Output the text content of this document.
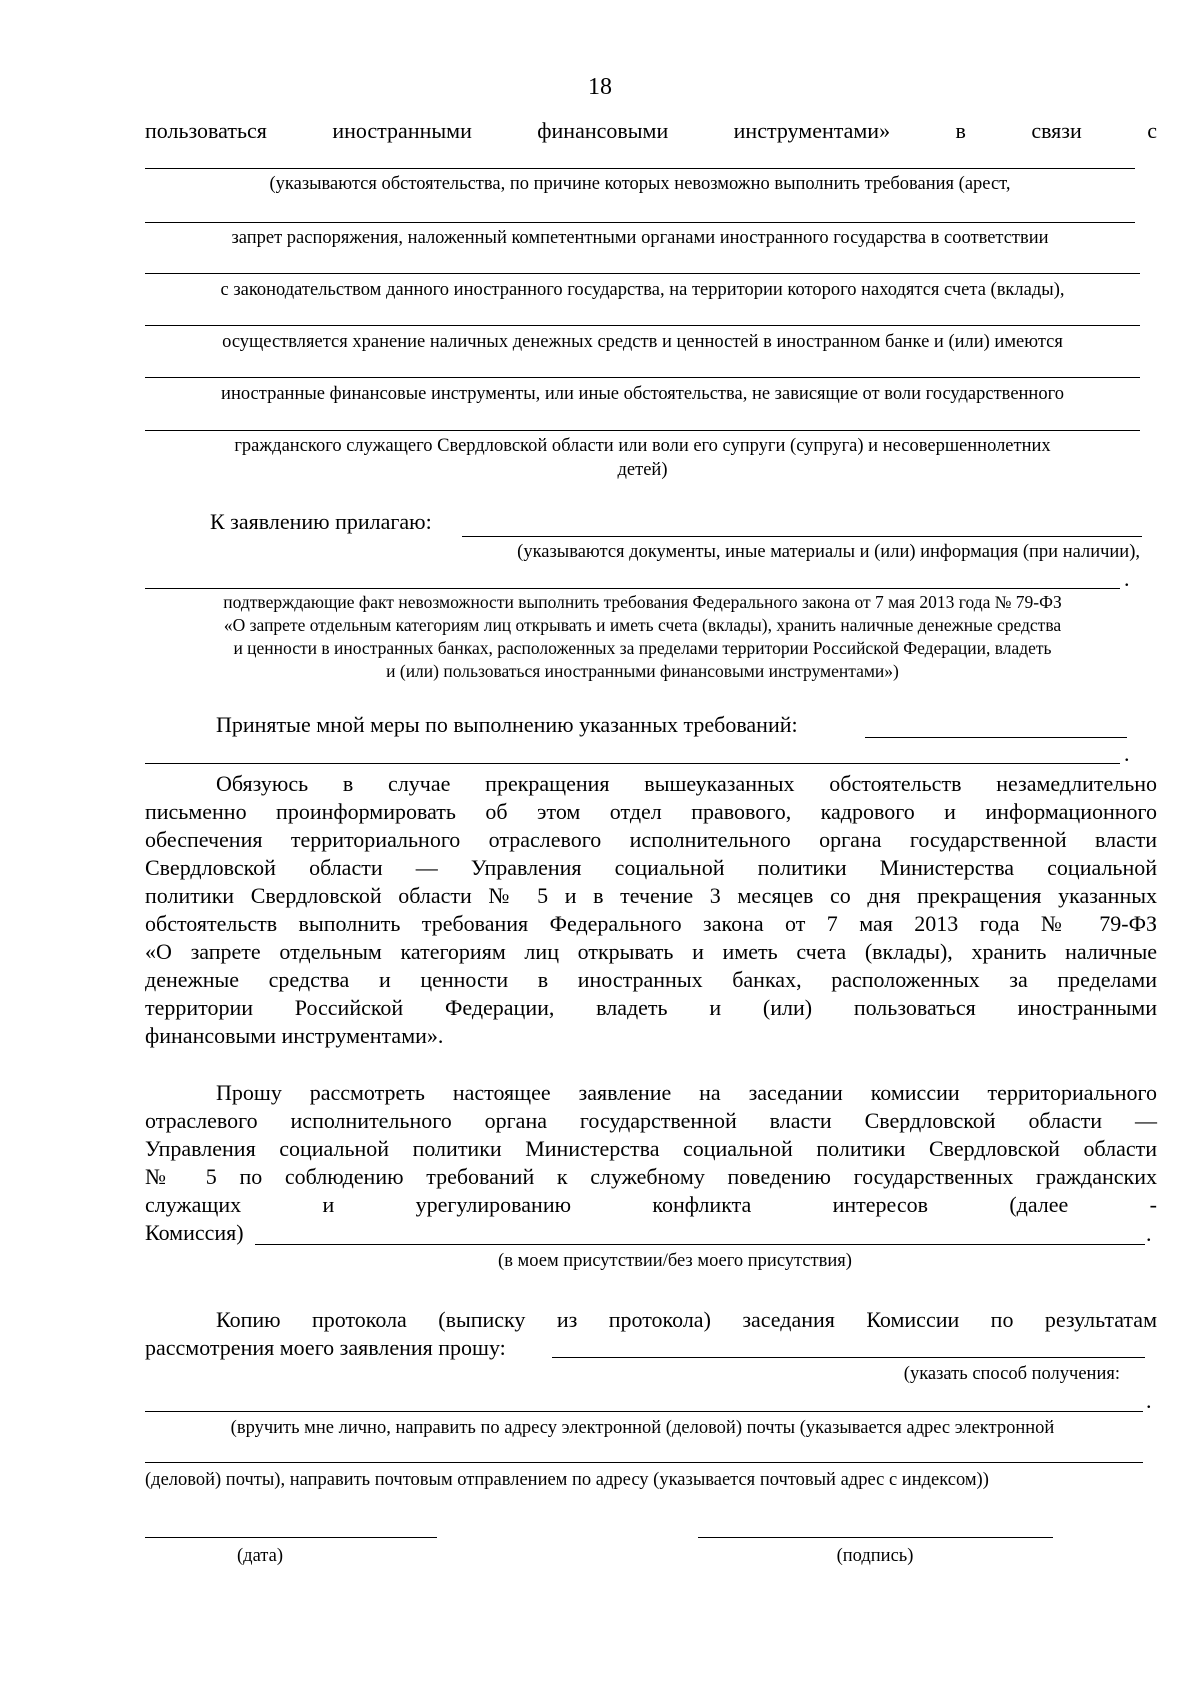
18
пользоваться	иностранными	финансовыми	инструментами»	в	связи	с
(указываются обстоятельства, по причине которых невозможно выполнить требования (арест,
запрет распоряжения, наложенный компетентными органами иностранного государства в соответствии
с законодательством данного иностранного государства, на территории которого находятся счета (вклады),
осуществляется хранение наличных денежных средств и ценностей в иностранном банке и (или) имеются
иностранные финансовые инструменты, или иные обстоятельства, не зависящие от воли государственного
гражданского служащего Свердловской области или воли его супруги (супруга) и несовершеннолетних
детей)
К заявлению прилагаю:
(указываются документы, иные материалы и (или) информация (при наличии),
.
подтверждающие факт невозможности выполнить требования Федерального закона от 7 мая 2013 года № 79-ФЗ
«О запрете отдельным категориям лиц открывать и иметь счета (вклады), хранить наличные денежные средства
и ценности в иностранных банках, расположенных за пределами территории Российской Федерации, владеть
и (или) пользоваться иностранными финансовыми инструментами»)
Принятые мной меры по выполнению указанных требований:
.
Обязуюсь в случае прекращения вышеуказанных обстоятельств незамедлительно
письменно проинформировать об этом отдел правового, кадрового и информационного
обеспечения территориального отраслевого исполнительного органа государственной власти
Свердловской области — Управления социальной политики Министерства социальной
политики Свердловской области № 5 и в течение 3 месяцев со дня прекращения указанных
обстоятельств выполнить требования Федерального закона от 7 мая 2013 года № 79-ФЗ
«О запрете отдельным категориям лиц открывать и иметь счета (вклады), хранить наличные
денежные средства и ценности в иностранных банках, расположенных за пределами
территории Российской Федерации, владеть и (или) пользоваться иностранными
финансовыми инструментами».
Прошу рассмотреть настоящее заявление на заседании комиссии территориального
отраслевого исполнительного органа государственной власти Свердловской области —
Управления социальной политики Министерства социальной политики Свердловской области
№ 5 по соблюдению требований к служебному поведению государственных гражданских
служащих и урегулированию конфликта интересов (далее -
Комиссия)	.
(в моем присутствии/без моего присутствия)
Копию протокола (выписку из протокола) заседания Комиссии по результатам
рассмотрения моего заявления прошу:
(указать способ получения:
.
(вручить мне лично, направить по адресу электронной (деловой) почты (указывается адрес электронной
(деловой) почты), направить почтовым отправлением по адресу (указывается почтовый адрес с индексом))
(дата)	(подпись)
